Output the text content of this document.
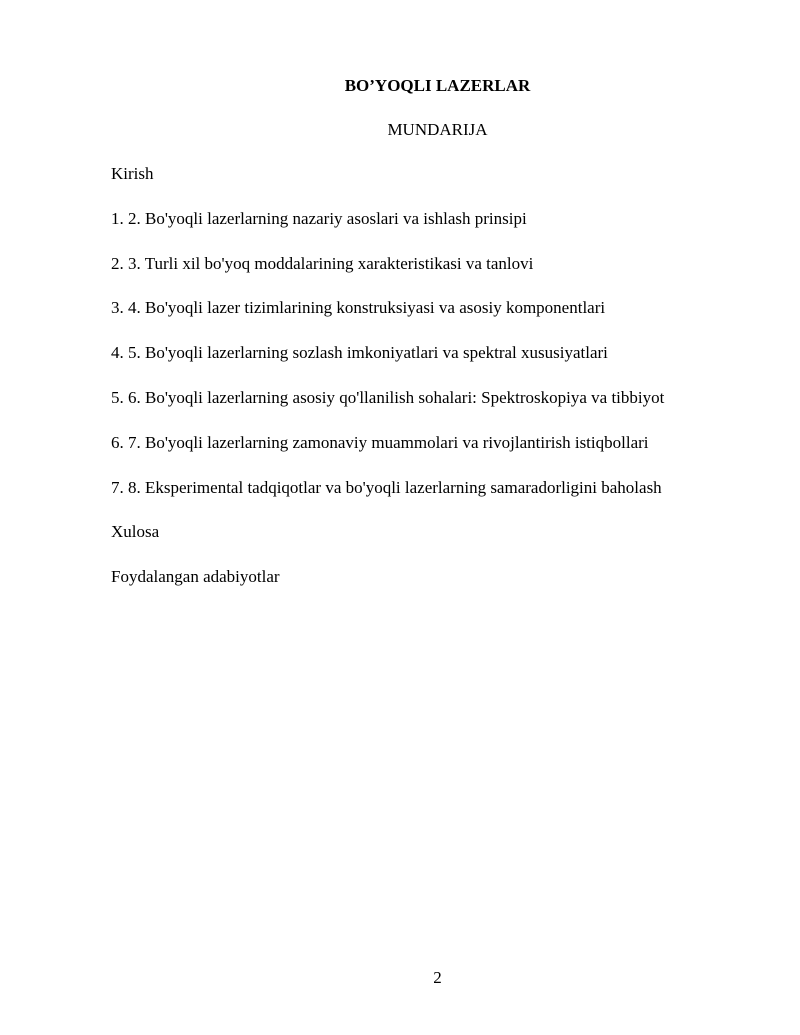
BO’YOQLI LAZERLAR
MUNDARIJA
Kirish
1. 2. Bo'yoqli lazerlarning nazariy asoslari va ishlash prinsipi
2. 3. Turli xil bo'yoq moddalarining xarakteristikasi va tanlovi
3. 4. Bo'yoqli lazer tizimlarining konstruksiyasi va asosiy komponentlari
4. 5. Bo'yoqli lazerlarning sozlash imkoniyatlari va spektral xususiyatlari
5. 6. Bo'yoqli lazerlarning asosiy qo'llanilish sohalari: Spektroskopiya va tibbiyot
6. 7. Bo'yoqli lazerlarning zamonaviy muammolari va rivojlantirish istiqbollari
7. 8. Eksperimental tadqiqotlar va bo'yoqli lazerlarning samaradorligini baholash
Xulosa
Foydalangan adabiyotlar
2
